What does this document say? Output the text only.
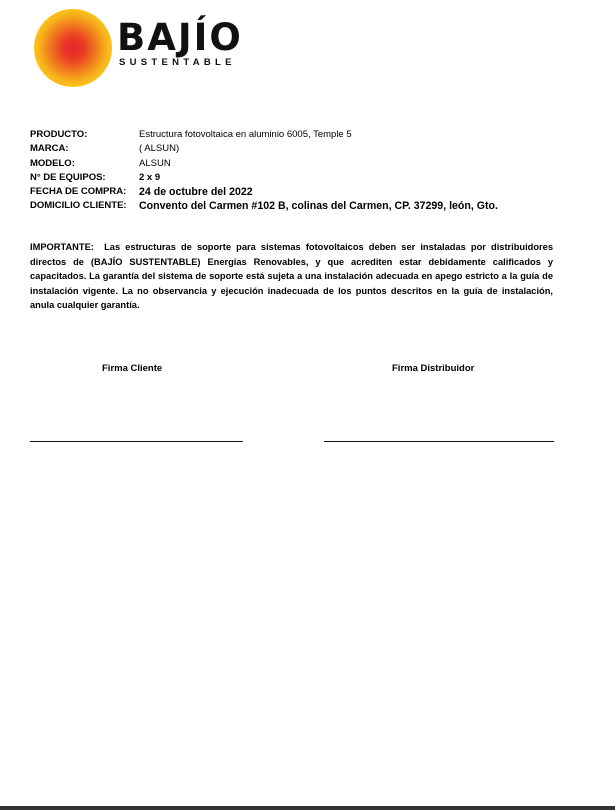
BAJÍO
SUSTENTABLE
PRODUCTO:	Estructura fotovoltaica en aluminio 6005, Temple 5
MARCA:	( ALSUN)
MODELO:	ALSUN
N° DE EQUIPOS:	2 x 9
FECHA DE COMPRA: 24 de octubre del 2022
DOMICILIO CLIENTE: Convento del Carmen #102 B, colinas del Carmen, CP. 37299, león, Gto.
IMPORTANTE: Las estructuras de soporte para sistemas fotovoltaicos deben ser instaladas por distribuidores directos de (BAJÍO SUSTENTABLE) Energías Renovables, y que acrediten estar debidamente calificados y capacitados. La garantía del sistema de soporte está sujeta a una instalación adecuada en apego estricto a la guía de instalación vigente. La no observancia y ejecución inadecuada de los puntos descritos en la guía de instalación, anula cualquier garantía.
Firma Cliente	Firma Distribuidor
